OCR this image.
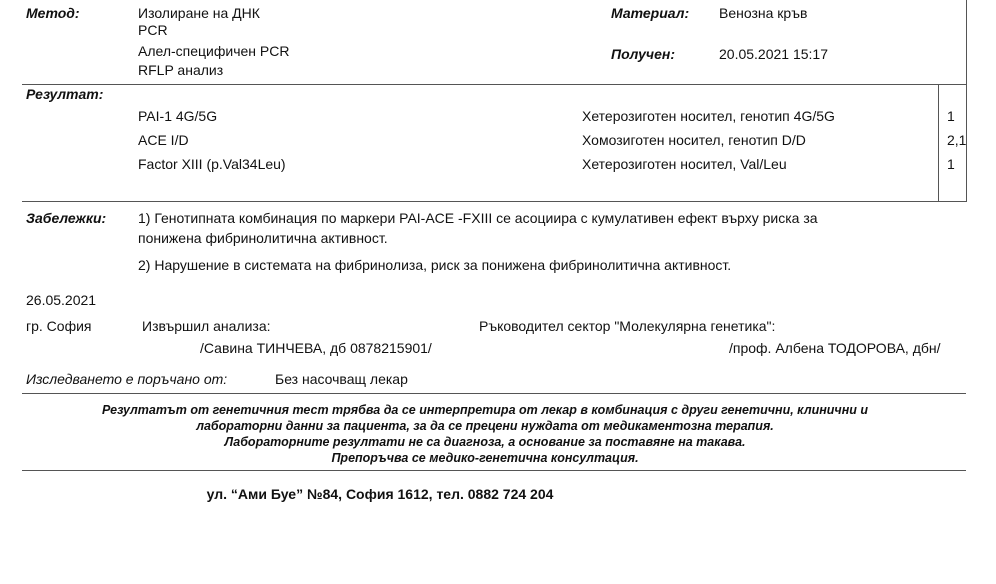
Метод:	Изолиране на ДНК
PCR
Алел-специфичен PCR
RFLP анализ
Материал: Венозна кръв
Получен:	20.05.2021 15:17
Резултат:
PAI-1 4G/5G	Хетерозиготен носител, генотип 4G/5G	1
ACE I/D	Хомозиготен носител, генотип D/D	2,1
Factor XIII (p.Val34Leu)	Хетерозиготен носител, Val/Leu	1
Забележки: 1) Генотипната комбинация по маркери PAI-ACE -FXIII се асоциира с кумулативен ефект върху риска за
понижена фибринолитична активност.
2) Нарушение в системата на фибринолиза, риск за понижена фибринолитична активност.
26.05.2021
гр. София	Извършил анализа:	Ръководител сектор "Молекулярна генетика":
/Савина ТИНЧЕВА, дб 0878215901/	/проф. Албена ТОДОРОВА, дбн/
Изследването е поръчано от:	Без насочващ лекар
Резултатът от генетичния тест трябва да се интерпретира от лекар в комбинация с други генетични, клинични и
лабораторни данни за пациента, за да се прецени нуждата от медикаментозна терапия.
Лабораторните резултати не са диагноза, а основание за поставяне на такава.
Препоръчва се медико-генетична консултация.
ул. “Ами Буе” №84, София 1612, тел. 0882 724 204
